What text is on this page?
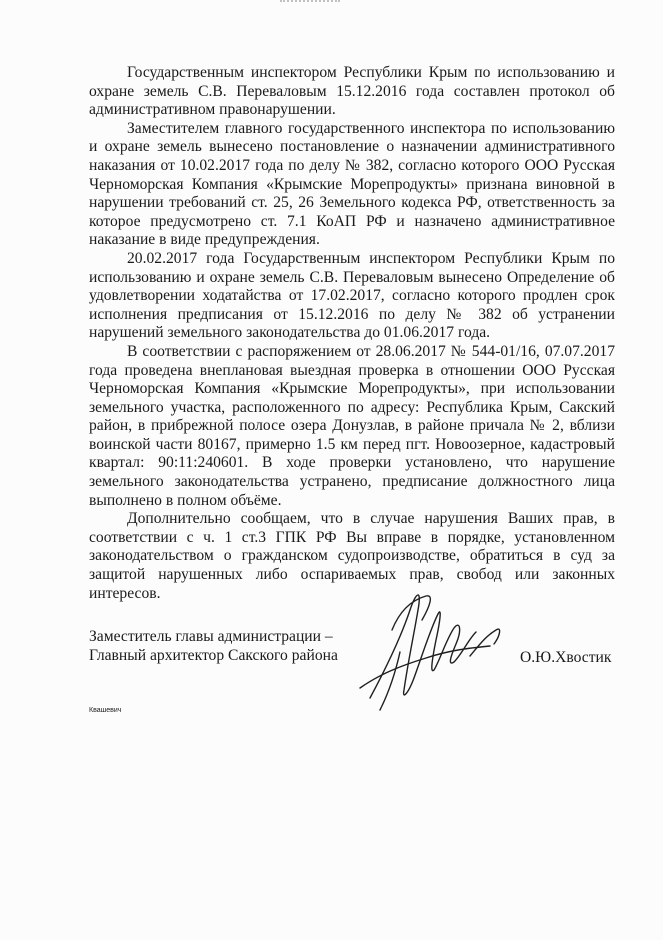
Государственным инспектором Республики Крым по использованию и охране земель С.В. Переваловым 15.12.2016 года составлен протокол об административном правонарушении.

Заместителем главного государственного инспектора по использованию и охране земель вынесено постановление о назначении административного наказания от 10.02.2017 года по делу № 382, согласно которого ООО Русская Черноморская Компания «Крымские Морепродукты» признана виновной в нарушении требований ст. 25, 26 Земельного кодекса РФ, ответственность за которое предусмотрено ст. 7.1 КоАП РФ и назначено административное наказание в виде предупреждения.

20.02.2017 года Государственным инспектором Республики Крым по использованию и охране земель С.В. Переваловым вынесено Определение об удовлетворении ходатайства от 17.02.2017, согласно которого продлен срок исполнения предписания от 15.12.2016 по делу № 382 об устранении нарушений земельного законодательства до 01.06.2017 года.

В соответствии с распоряжением от 28.06.2017 № 544-01/16, 07.07.2017 года проведена внеплановая выездная проверка в отношении ООО Русская Черноморская Компания «Крымские Морепродукты», при использовании земельного участка, расположенного по адресу: Республика Крым, Сакский район, в прибрежной полосе озера Донузлав, в районе причала № 2, вблизи воинской части 80167, примерно 1.5 км перед пгт. Новоозерное, кадастровый квартал: 90:11:240601. В ходе проверки установлено, что нарушение земельного законодательства устранено, предписание должностного лица выполнено в полном объёме.

Дополнительно сообщаем, что в случае нарушения Ваших прав, в соответствии с ч. 1 ст.3 ГПК РФ Вы вправе в порядке, установленном законодательством о гражданском судопроизводстве, обратиться в суд за защитой нарушенных либо оспариваемых прав, свобод или законных интересов.

Заместитель главы администрации –
Главный архитектор Сакского района	О.Ю.Хвостик
Квашевич
